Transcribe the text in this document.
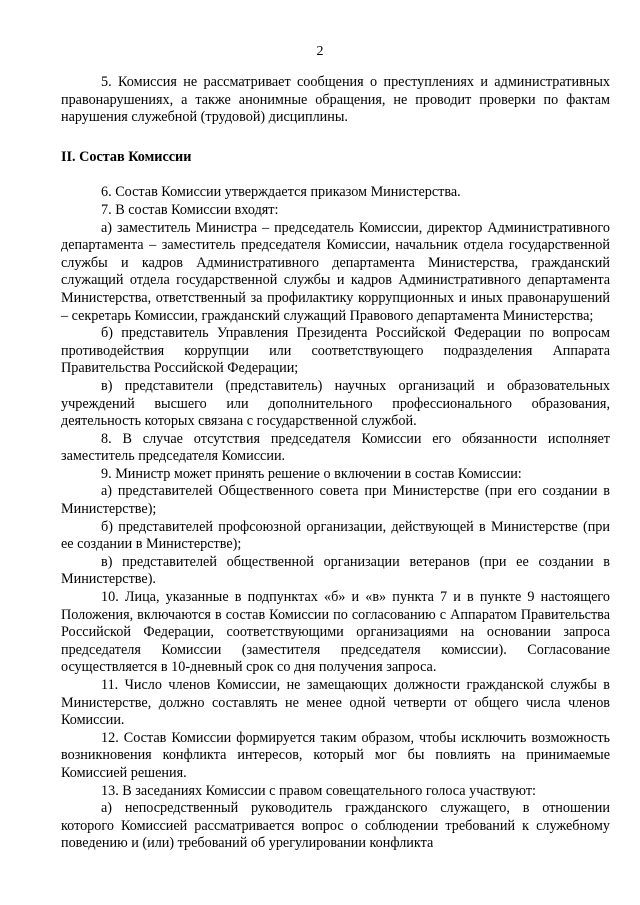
2

5. Комиссия не рассматривает сообщения о преступлениях и административных правонарушениях, а также анонимные обращения, не проводит проверки по фактам нарушения служебной (трудовой) дисциплины.

II. Состав Комиссии

6. Состав Комиссии утверждается приказом Министерства.

7. В состав Комиссии входят:

а) заместитель Министра – председатель Комиссии, директор Административного департамента – заместитель председателя Комиссии, начальник отдела государственной службы и кадров Административного департамента Министерства, гражданский служащий отдела государственной службы и кадров Административного департамента Министерства, ответственный за профилактику коррупционных и иных правонарушений – секретарь Комиссии, гражданский служащий Правового департамента Министерства;

б) представитель Управления Президента Российской Федерации по вопросам противодействия коррупции или соответствующего подразделения Аппарата Правительства Российской Федерации;

в) представители (представитель) научных организаций и образовательных учреждений высшего или дополнительного профессионального образования, деятельность которых связана с государственной службой.

8. В случае отсутствия председателя Комиссии его обязанности исполняет заместитель председателя Комиссии.

9. Министр может принять решение о включении в состав Комиссии:

а) представителей Общественного совета при Министерстве (при его создании в Министерстве);

б) представителей профсоюзной организации, действующей в Министерстве (при ее создании в Министерстве);

в) представителей общественной организации ветеранов (при ее создании в Министерстве).

10. Лица, указанные в подпунктах «б» и «в» пункта 7 и в пункте 9 настоящего Положения, включаются в состав Комиссии по согласованию с Аппаратом Правительства Российской Федерации, соответствующими организациями на основании запроса председателя Комиссии (заместителя председателя комиссии). Согласование осуществляется в 10-дневный срок со дня получения запроса.

11. Число членов Комиссии, не замещающих должности гражданской службы в Министерстве, должно составлять не менее одной четверти от общего числа членов Комиссии.

12. Состав Комиссии формируется таким образом, чтобы исключить возможность возникновения конфликта интересов, который мог бы повлиять на принимаемые Комиссией решения.

13. В заседаниях Комиссии с правом совещательного голоса участвуют:

а) непосредственный руководитель гражданского служащего, в отношении которого Комиссией рассматривается вопрос о соблюдении требований к служебному поведению и (или) требований об урегулировании конфликта
